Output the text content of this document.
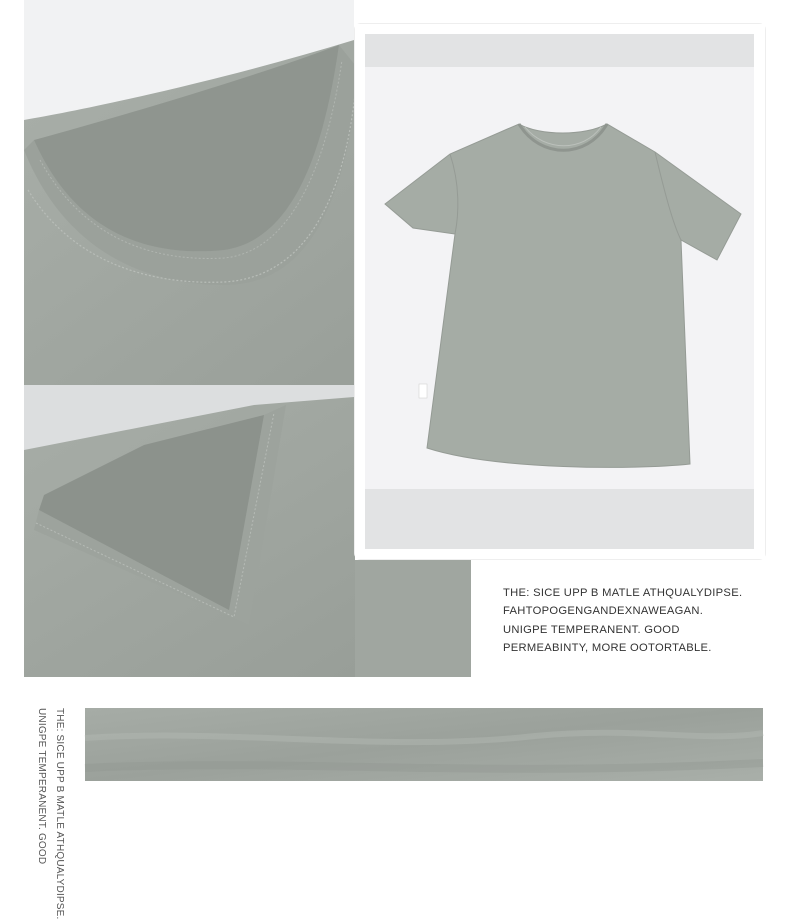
THE: SICE UPP B MATLE ATHQUALYDIPSE.
FAHTOPOGENGANDEXNAWEAGAN.
UNIGPE TEMPERANENT. GOOD
PERMEABINTY, MORE OOTORTABLE.
THE: SICE UPP B MATLE ATHQUALYDIPSE.
UNIGPE TEMPERANENT. GOOD
